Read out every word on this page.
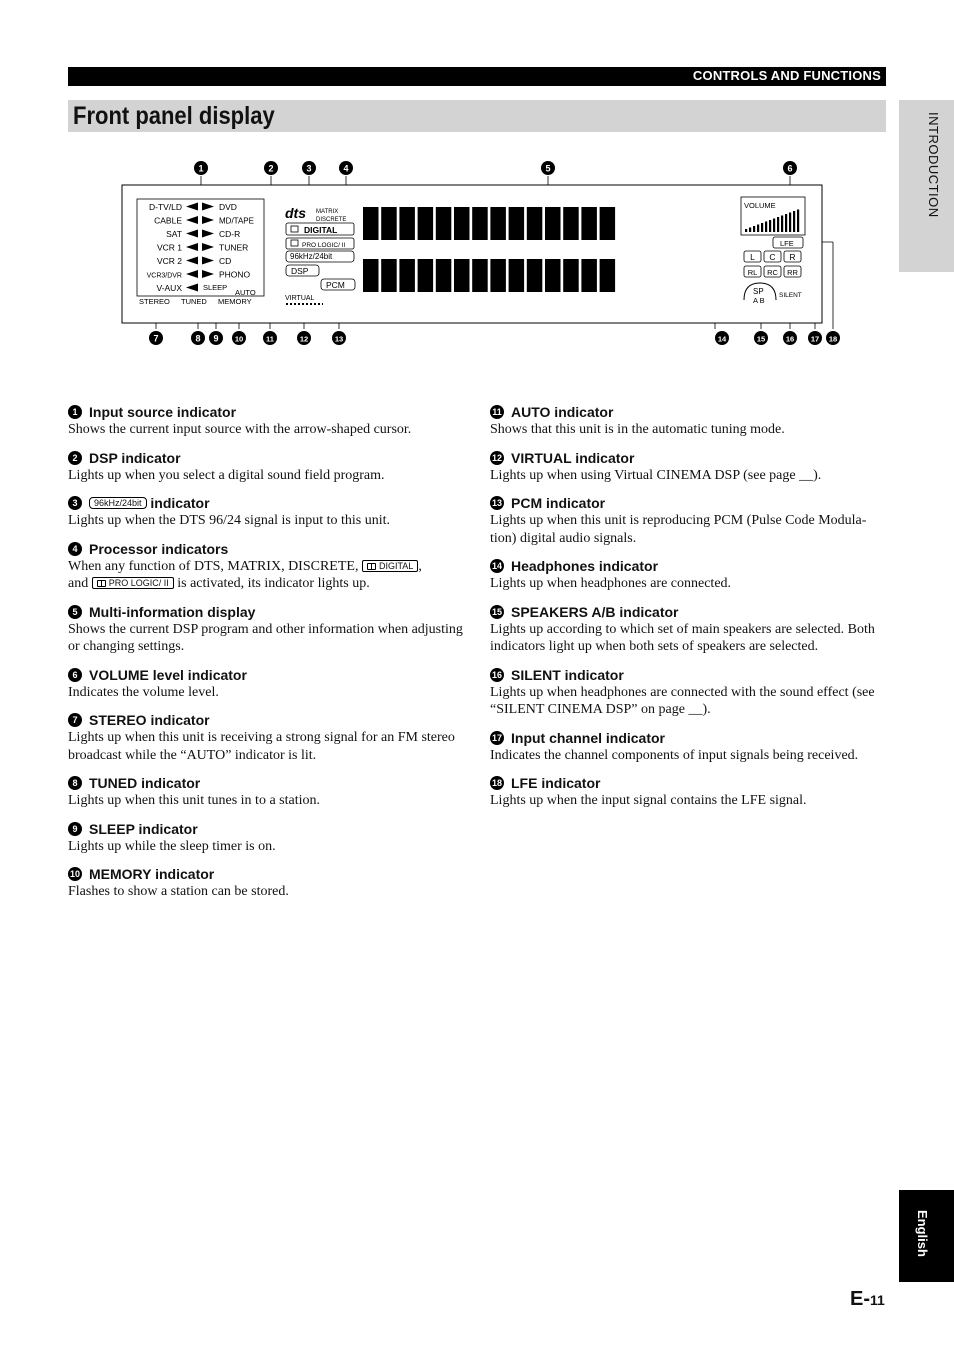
CONTROLS AND FUNCTIONS
Front panel display	INTRODUCTION
English
1	2	3	4	5	6
7	8 9 10	11	12	13	14	15	16 17 18
D-TV/LD	DVD
CABLE	MD/TAPE
SAT	CD-R
VCR 1	TUNER
VCR 2	CD
VCR3/DVR	PHONO
V-AUX	SLEEP
AUTO
STEREO TUNED MEMORY
dts MATRIX
DISCRETE
DIGITAL
PRO LOGIC/ II
96kHz/24bit
DSP
PCM
VIRTUAL
VOLUME
LFE
L C R
RL RC RR
SP
A B
SILENT
1 Input source indicator
Shows the current input source with the arrow-shaped cursor.
2 DSP indicator
Lights up when you select a digital sound field program.
3	96kHz/24bit
indicator
Lights up when the DTS 96/24 signal is input to this unit.
4 Processor indicators
When any function of DTS, MATRIX, DISCRETE, DIGITAL ,
and PRO LOGIC/ II is activated, its indicator lights up.
5 Multi-information display
Shows the current DSP program and other information when adjusting or changing settings.
6 VOLUME level indicator
Indicates the volume level.
7 STEREO indicator
Lights up when this unit is receiving a strong signal for an FM stereo broadcast while the “AUTO” indicator is lit.
8 TUNED indicator
Lights up when this unit tunes in to a station.
9 SLEEP indicator
Lights up while the sleep timer is on.
10 MEMORY indicator
Flashes to show a station can be stored.
11 AUTO indicator
Shows that this unit is in the automatic tuning mode.
12 VIRTUAL indicator
Lights up when using Virtual CINEMA DSP (see page __).
13 PCM indicator
Lights up when this unit is reproducing PCM (Pulse Code Modula-tion) digital audio signals.
14 Headphones indicator
Lights up when headphones are connected.
15 SPEAKERS A/B indicator
Lights up according to which set of main speakers are selected. Both indicators light up when both sets of speakers are selected.
16 SILENT indicator
Lights up when headphones are connected with the sound effect (see “SILENT CINEMA DSP” on page __).
17 Input channel indicator
Indicates the channel components of input signals being received.
18 LFE indicator
Lights up when the input signal contains the LFE signal.
E-11
